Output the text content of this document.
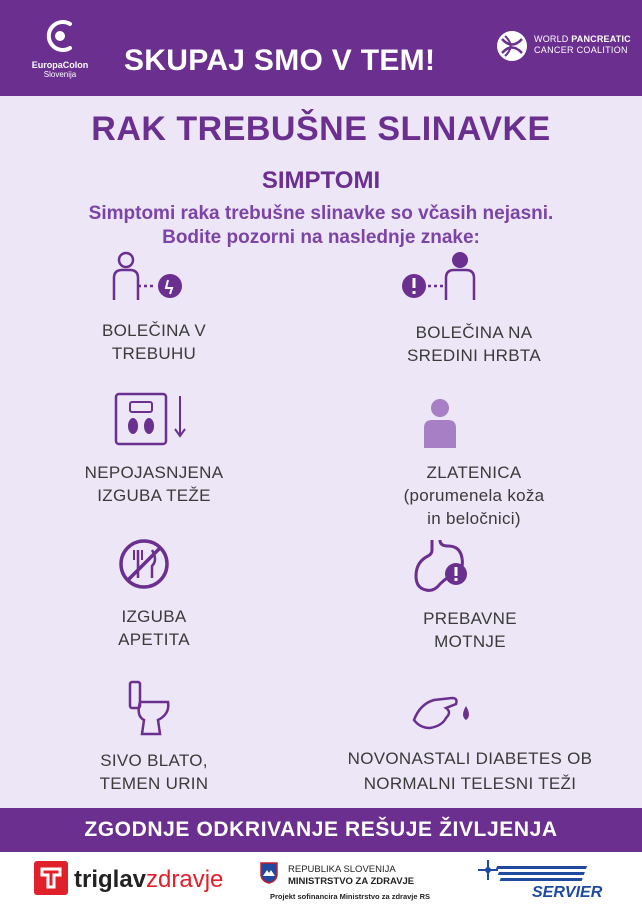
EuropaColon
Slovenija	SKUPAJ SMO V TEM!
WORLD PANCREATIC
CANCER COALITION
RAK TREBUŠNE SLINAVKE
SIMPTOMI
Simptomi raka trebušne slinavke so včasih nejasni. Bodite pozorni na naslednje znake:
BOLEČINA V
TREBUHU
BOLEČINA NA
SREDINI HRBTA
NEPOJASNJENA
IZGUBA TEŽE
ZLATENICA
(porumenela koža
in beločnici)
IZGUBA
APETITA
PREBAVNE
MOTNJE
SIVO BLATO,
TEMEN URIN
NOVONASTALI DIABETES OB
NORMALNI TELESNI TEŽI
ZGODNJE ODKRIVANJE REŠUJE ŽIVLJENJA
triglavzdravje	REPUBLIKA SLOVENIJA
MINISTRSTVO ZA ZDRAVJE
Projekt sofinancira Ministrstvo za zdravje RS	SERVIER
